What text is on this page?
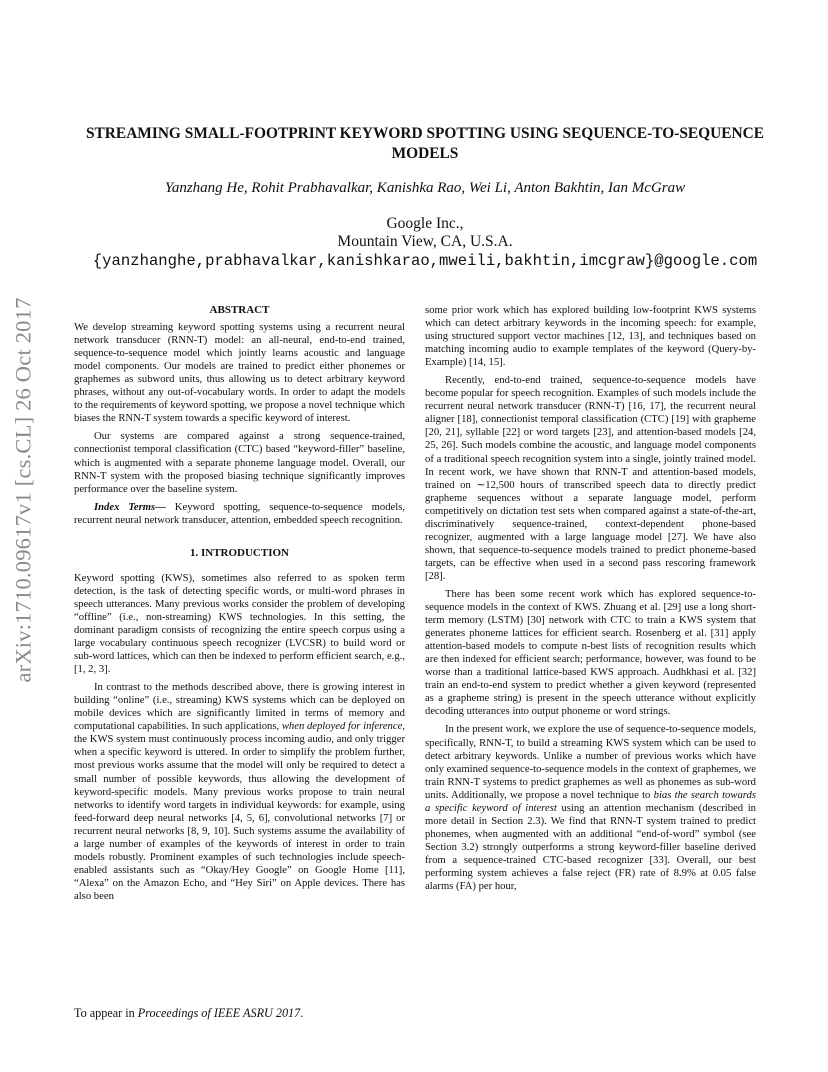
arXiv:1710.09617v1 [cs.CL] 26 Oct 2017
STREAMING SMALL-FOOTPRINT KEYWORD SPOTTING USING SEQUENCE-TO-SEQUENCE MODELS
Yanzhang He, Rohit Prabhavalkar, Kanishka Rao, Wei Li, Anton Bakhtin, Ian McGraw
Google Inc.,
Mountain View, CA, U.S.A.
{yanzhanghe,prabhavalkar,kanishkarao,mweili,bakhtin,imcgraw}@google.com
ABSTRACT

We develop streaming keyword spotting systems using a recurrent neural network transducer (RNN-T) model: an all-neural, end-to-end trained, sequence-to-sequence model which jointly learns acoustic and language model components. Our models are trained to predict either phonemes or graphemes as subword units, thus allowing us to detect arbitrary keyword phrases, without any out-of-vocabulary words. In order to adapt the models to the requirements of keyword spotting, we propose a novel technique which biases the RNN-T system towards a specific keyword of interest.

Our systems are compared against a strong sequence-trained, connectionist temporal classification (CTC) based “keyword-filler” baseline, which is augmented with a separate phoneme language model. Overall, our RNN-T system with the proposed biasing technique significantly improves performance over the baseline system.

Index Terms— Keyword spotting, sequence-to-sequence models, recurrent neural network transducer, attention, embedded speech recognition.

1. INTRODUCTION

Keyword spotting (KWS), sometimes also referred to as spoken term detection, is the task of detecting specific words, or multi-word phrases in speech utterances. Many previous works consider the problem of developing “offline” (i.e., non-streaming) KWS technologies. In this setting, the dominant paradigm consists of recognizing the entire speech corpus using a large vocabulary continuous speech recognizer (LVCSR) to build word or sub-word lattices, which can then be indexed to perform efficient search, e.g., [1, 2, 3].

In contrast to the methods described above, there is growing interest in building “online” (i.e., streaming) KWS systems which can be deployed on mobile devices which are significantly limited in terms of memory and computational capabilities. In such applications, when deployed for inference, the KWS system must continuously process incoming audio, and only trigger when a specific keyword is uttered. In order to simplify the problem further, most previous works assume that the model will only be required to detect a small number of possible keywords, thus allowing the development of keyword-specific models. Many previous works propose to train neural networks to identify word targets in individual keywords: for example, using feed-forward deep neural networks [4, 5, 6], convolutional networks [7] or recurrent neural networks [8, 9, 10]. Such systems assume the availability of a large number of examples of the keywords of interest in order to train models robustly. Prominent examples of such technologies include speech-enabled assistants such as “Okay/Hey Google” on Google Home [11], “Alexa” on the Amazon Echo, and “Hey Siri” on Apple devices. There has also been

some prior work which has explored building low-footprint KWS systems which can detect arbitrary keywords in the incoming speech: for example, using structured support vector machines [12, 13], and techniques based on matching incoming audio to example templates of the keyword (Query-by-Example) [14, 15].

Recently, end-to-end trained, sequence-to-sequence models have become popular for speech recognition. Examples of such models include the recurrent neural network transducer (RNN-T) [16, 17], the recurrent neural aligner [18], connectionist temporal classification (CTC) [19] with grapheme [20, 21], syllable [22] or word targets [23], and attention-based models [24, 25, 26]. Such models combine the acoustic, and language model components of a traditional speech recognition system into a single, jointly trained model. In recent work, we have shown that RNN-T and attention-based models, trained on ∼12,500 hours of transcribed speech data to directly predict grapheme sequences without a separate language model, perform competitively on dictation test sets when compared against a state-of-the-art, discriminatively sequence-trained, context-dependent phone-based recognizer, augmented with a large language model [27]. We have also shown, that sequence-to-sequence models trained to predict phoneme-based targets, can be effective when used in a second pass rescoring framework [28].

There has been some recent work which has explored sequence-to-sequence models in the context of KWS. Zhuang et al. [29] use a long short-term memory (LSTM) [30] network with CTC to train a KWS system that generates phoneme lattices for efficient search. Rosenberg et al. [31] apply attention-based models to compute n-best lists of recognition results which are then indexed for efficient search; performance, however, was found to be worse than a traditional lattice-based KWS approach. Audhkhasi et al. [32] train an end-to-end system to predict whether a given keyword (represented as a grapheme string) is present in the speech utterance without explicitly decoding utterances into output phoneme or word strings.

In the present work, we explore the use of sequence-to-sequence models, specifically, RNN-T, to build a streaming KWS system which can be used to detect arbitrary keywords. Unlike a number of previous works which have only examined sequence-to-sequence models in the context of graphemes, we train RNN-T systems to predict graphemes as well as phonemes as sub-word units. Additionally, we propose a novel technique to bias the search towards a specific keyword of interest using an attention mechanism (described in more detail in Section 2.3). We find that RNN-T system trained to predict phonemes, when augmented with an additional “end-of-word” symbol (see Section 3.2) strongly outperforms a strong keyword-filler baseline derived from a sequence-trained CTC-based recognizer [33]. Overall, our best performing system achieves a false reject (FR) rate of 8.9% at 0.05 false alarms (FA) per hour,

To appear in Proceedings of IEEE ASRU 2017.
